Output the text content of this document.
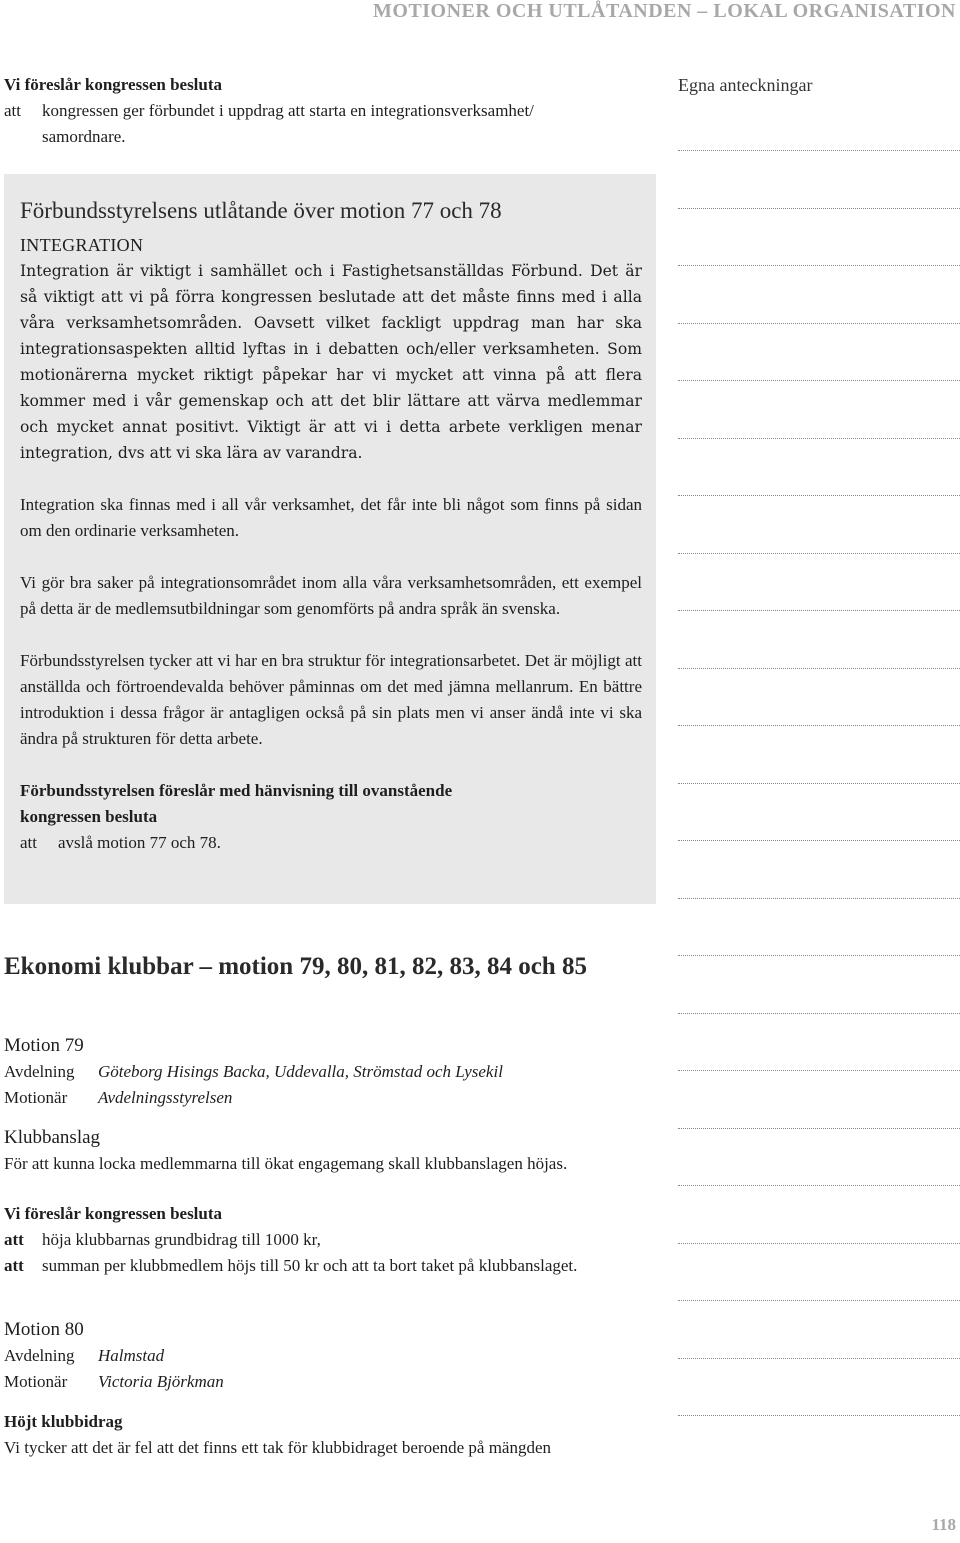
MOTIONER OCH UTLÅTANDEN – LOKAL ORGANISATION

Vi föreslår kongressen besluta

att	kongressen ger förbundet i uppdrag att starta en integrationsverksamhet/
samordnare.
Egna anteckningar

Förbundsstyrelsens utlåtande över motion 77 och 78

INTEGRATION

Integration är viktigt i samhället och i Fastighetsanställdas Förbund. Det är så viktigt att vi på förra kongressen beslutade att det måste finns med i alla våra verksamhetsområden. Oavsett vilket fackligt uppdrag man har ska integrationsaspekten alltid lyftas in i debatten och/eller verksamheten. Som motionärerna mycket riktigt påpekar har vi mycket att vinna på att flera kommer med i vår gemenskap och att det blir lättare att värva medlemmar och mycket annat positivt. Viktigt är att vi i detta arbete verkligen menar integration, dvs att vi ska lära av varandra.

Integration ska finnas med i all vår verksamhet, det får inte bli något som finns på sidan om den ordinarie verksamheten.

Vi gör bra saker på integrationsområdet inom alla våra verksamhetsområden, ett exempel på detta är de medlemsutbildningar som genomförts på andra språk än svenska.

Förbundsstyrelsen tycker att vi har en bra struktur för integrationsarbetet. Det är möjligt att anställda och förtroendevalda behöver påminnas om det med jämna mellanrum. En bättre introduktion i dessa frågor är antagligen också på sin plats men vi anser ändå inte vi ska ändra på strukturen för detta arbete.

Förbundsstyrelsen föreslår med hänvisning till ovanstående

kongressen besluta

att	avslå motion 77 och 78.
Ekonomi klubbar – motion 79, 80, 81, 82, 83, 84 och 85

Motion 79

Avdelning	Göteborg Hisings Backa, Uddevalla, Strömstad och Lysekil
Motionär	Avdelningsstyrelsen

Klubbanslag

För att kunna locka medlemmarna till ökat engagemang skall klubbanslagen höjas.

Vi föreslår kongressen besluta

att	höja klubbarnas grundbidrag till 1000 kr,
att	summan per klubbmedlem höjs till 50 kr och att ta bort taket på klubbanslaget.

Motion 80

Avdelning	Halmstad
Motionär	Victoria Björkman

Höjt klubbidrag

Vi tycker att det är fel att det finns ett tak för klubbidraget beroende på mängden

118
